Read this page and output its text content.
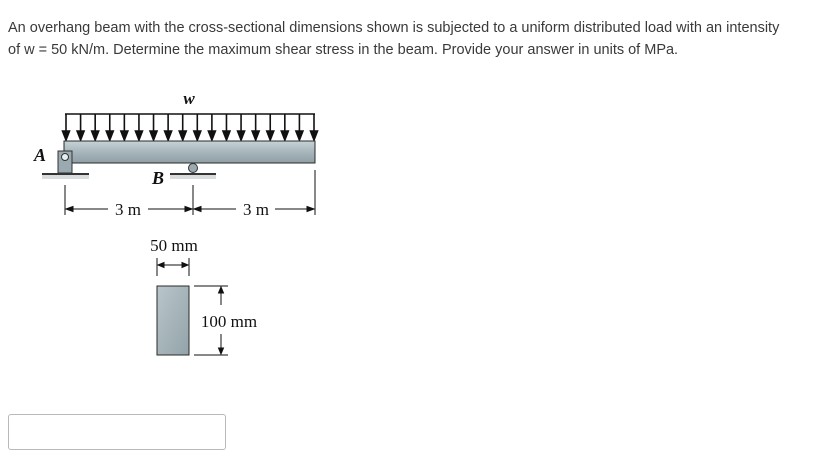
An overhang beam with the cross-sectional dimensions shown is subjected to a uniform distributed load with an intensity
of w = 50 kN/m. Determine the maximum shear stress in the beam. Provide your answer in units of MPa.
w
A
B
3 m	3 m
50 mm
100 mm
